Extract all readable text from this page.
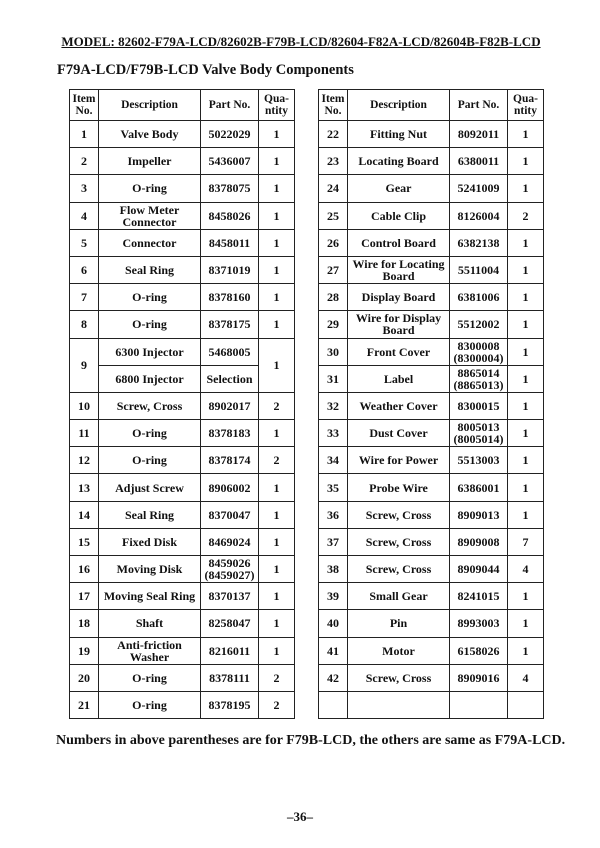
MODEL: 82602-F79A-LCD/82602B-F79B-LCD/82604-F82A-LCD/82604B-F82B-LCD
F79A-LCD/F79B-LCD Valve Body Components
Item No.	Description	Part No.	Qua-ntity		Item No.	Description	Part No.	Qua-ntity
1	Valve Body	5022029	1		22	Fitting Nut	8092011	1
2	Impeller	5436007	1		23	Locating Board	6380011	1
3	O-ring	8378075	1		24	Gear	5241009	1
4	Flow Meter Connector	8458026	1		25	Cable Clip	8126004	2
5	Connector	8458011	1		26	Control Board	6382138	1
6	Seal Ring	8371019	1		27	Wire for Locating Board	5511004	1
7	O-ring	8378160	1		28	Display Board	6381006	1
8	O-ring	8378175	1		29	Wire for Display Board	5512002	1
9	6300 Injector	5468005	1		30	Front Cover	8300008 (8300004)	1
	6800 Injector	Selection			31	Label	8865014 (8865013)	1
10	Screw, Cross	8902017	2		32	Weather Cover	8300015	1
11	O-ring	8378183	1		33	Dust Cover	8005013 (8005014)	1
12	O-ring	8378174	2		34	Wire for Power	5513003	1
13	Adjust Screw	8906002	1		35	Probe Wire	6386001	1
14	Seal Ring	8370047	1		36	Screw, Cross	8909013	1
15	Fixed Disk	8469024	1		37	Screw, Cross	8909008	7
16	Moving Disk	8459026 (8459027)	1		38	Screw, Cross	8909044	4
17	Moving Seal Ring	8370137	1		39	Small Gear	8241015	1
18	Shaft	8258047	1		40	Pin	8993003	1
19	Anti-friction Washer	8216011	1		41	Motor	6158026	1
20	O-ring	8378111	2		42	Screw, Cross	8909016	4
21	O-ring	8378195	2					
Numbers in above parentheses are for F79B-LCD, the others are same as F79A-LCD.
–36–
